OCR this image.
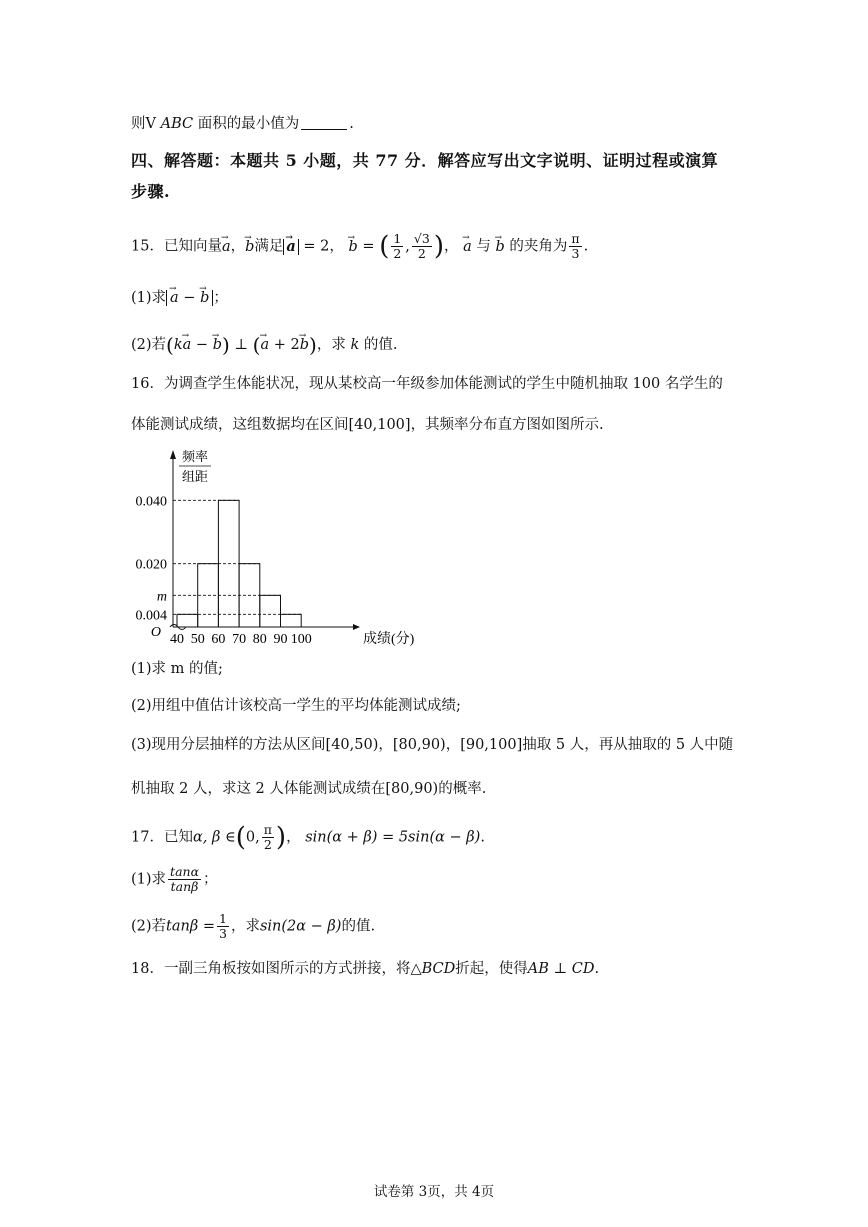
则V ABC 面积的最小值为	.
四、解答题：本题共 5 小题，共 77 分．解答应写出文字说明、证明过程或演算
步骤.
15．已知向量→ a，→ b满足 → a = 2， → b = ( $\frac{1}{2}$ , $\frac{√3}{2}$ )， → a 与 → b 的夹角为 $\frac{\pi}{3}$ .
(1)求 → a − → b ；
(2)若(k→ a − → b) ⊥ (→ a + 2→ b)，求 k 的值.
16．为调查学生体能状况，现从某校高一年级参加体能测试的学生中随机抽取 100 名学生的
体能测试成绩，这组数据均在区间[40,100]，其频率分布直方图如图所示.
0.040
0.020
m
0.004
40 50 60 70 80 90 100
O	成绩(分)
频率
组距
(1)求 m 的值;
(2)用组中值估计该校高一学生的平均体能测试成绩;
(3)现用分层抽样的方法从区间[40,50)，[80,90)，[90,100]抽取 5 人，再从抽取的 5 人中随
机抽取 2 人，求这 2 人体能测试成绩在[80,90)的概率.
17．已知α, β ∈(0, $\frac{\pi}{2}$ )， sin(α + β) = 5sin(α − β).
(1)求 $\frac{\tan\alpha}{\tan\beta}$ ；
(2)若$\tan\beta = \frac{1}{3}$ ，求sin(2α − β)的值.
18．一副三角板按如图所示的方式拼接，将△BCD折起，使得AB ⊥ CD.
试卷第 3页，共 4页
